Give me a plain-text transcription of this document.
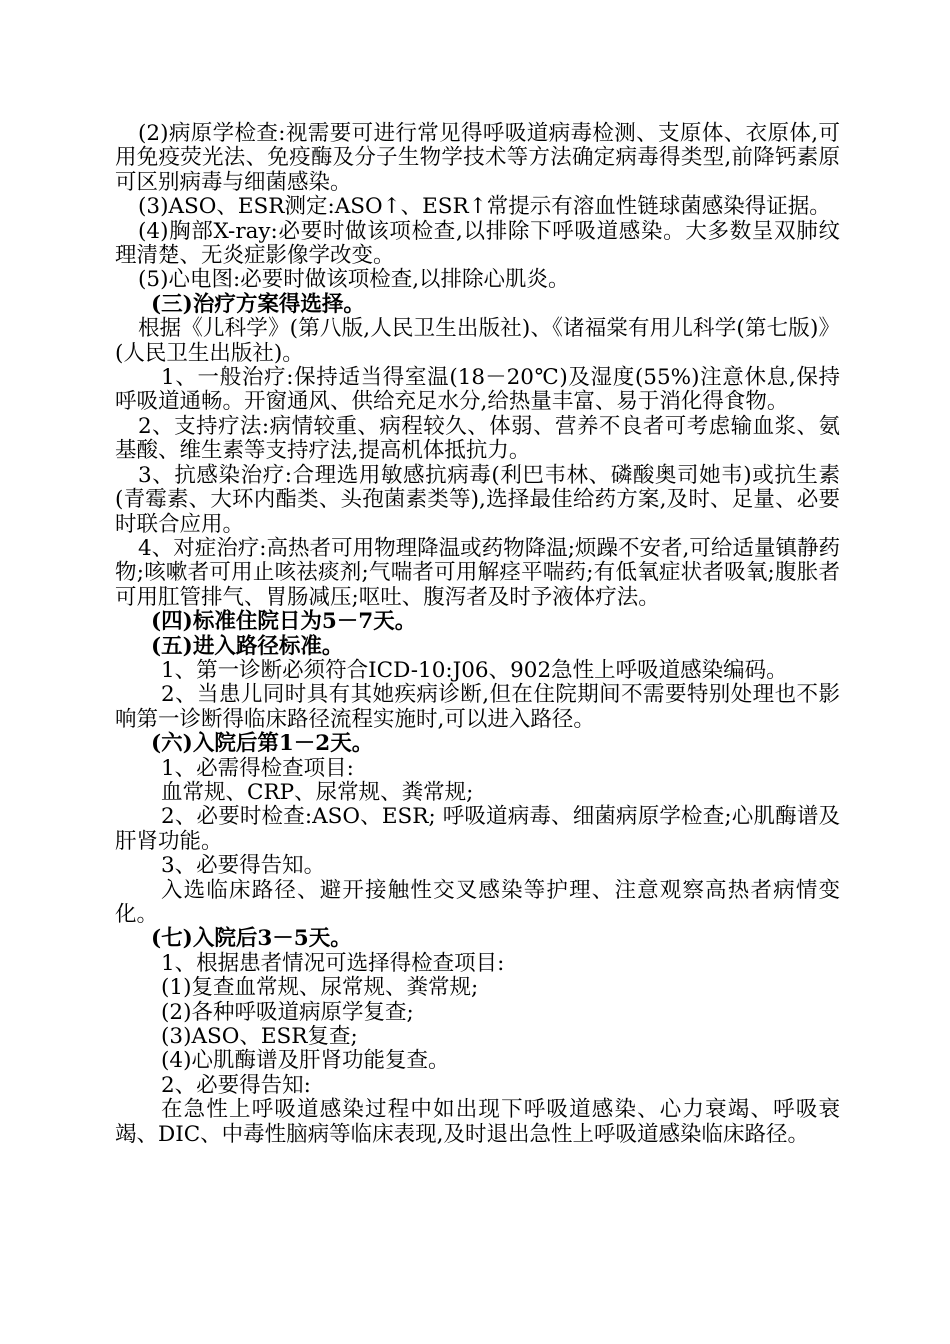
(2)病原学检查:视需要可进行常见得呼吸道病毒检测、支原体、衣原体,可用免疫荧光法、免疫酶及分子生物学技术等方法确定病毒得类型,前降钙素原可区别病毒与细菌感染。

(3)ASO、ESR测定:ASO↑、ESR↑常提示有溶血性链球菌感染得证据。

(4)胸部X-ray:必要时做该项检查,以排除下呼吸道感染。大多数呈双肺纹理清楚、无炎症影像学改变。

(5)心电图:必要时做该项检查,以排除心肌炎。

(三)治疗方案得选择。

根据《儿科学》(第八版,人民卫生出版社)、《诸福棠有用儿科学(第七版)》(人民卫生出版社)。

1、一般治疗:保持适当得室温(18－20℃)及湿度(55%)注意休息,保持呼吸道通畅。开窗通风、供给充足水分,给热量丰富、易于消化得食物。

2、支持疗法:病情较重、病程较久、体弱、营养不良者可考虑输血浆、氨基酸、维生素等支持疗法,提高机体抵抗力。

3、抗感染治疗:合理选用敏感抗病毒(利巴韦林、磷酸奥司她韦)或抗生素(青霉素、大环内酯类、头孢菌素类等),选择最佳给药方案,及时、足量、必要时联合应用。

4、对症治疗:高热者可用物理降温或药物降温;烦躁不安者,可给适量镇静药物;咳嗽者可用止咳祛痰剂;气喘者可用解痉平喘药;有低氧症状者吸氧;腹胀者可用肛管排气、胃肠减压;呕吐、腹泻者及时予液体疗法。

(四)标准住院日为5－7天。

(五)进入路径标准。

1、第一诊断必须符合ICD-10:J06、902急性上呼吸道感染编码。

2、当患儿同时具有其她疾病诊断,但在住院期间不需要特别处理也不影响第一诊断得临床路径流程实施时,可以进入路径。

(六)入院后第1－2天。

1、必需得检查项目:

血常规、CRP、尿常规、粪常规;

2、必要时检查:ASO、ESR; 呼吸道病毒、细菌病原学检查;心肌酶谱及肝肾功能。

3、必要得告知。

入选临床路径、避开接触性交叉感染等护理、注意观察高热者病情变化。

(七)入院后3－5天。

1、根据患者情况可选择得检查项目:

(1)复查血常规、尿常规、粪常规;

(2)各种呼吸道病原学复查;

(3)ASO、ESR复查;

(4)心肌酶谱及肝肾功能复查。

2、必要得告知:

在急性上呼吸道感染过程中如出现下呼吸道感染、心力衰竭、呼吸衰竭、DIC、中毒性脑病等临床表现,及时退出急性上呼吸道感染临床路径。
